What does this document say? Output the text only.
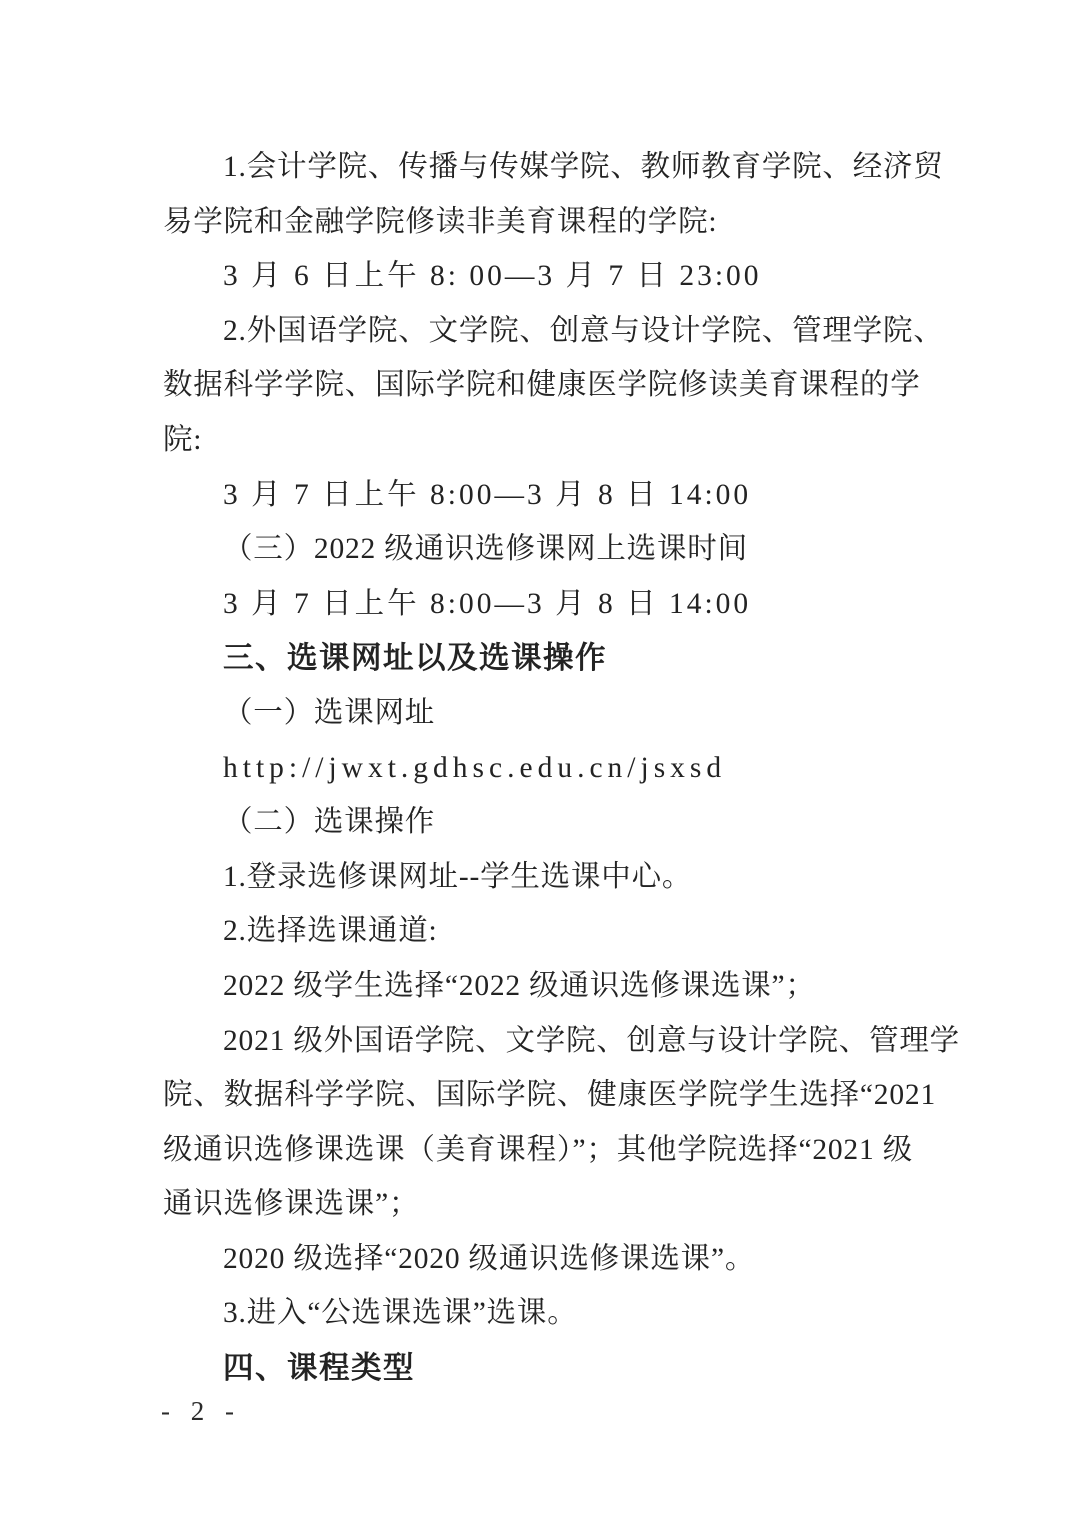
1.会计学院、传播与传媒学院、教师教育学院、经济贸
易学院和金融学院修读非美育课程的学院:
3 月 6 日上午 8: 00—3 月 7 日 23:00
2.外国语学院、文学院、创意与设计学院、管理学院、
数据科学学院、国际学院和健康医学院修读美育课程的学
院:
3 月 7 日上午 8:00—3 月 8 日 14:00
（三）2022 级通识选修课网上选课时间
3 月 7 日上午 8:00—3 月 8 日 14:00
三、选课网址以及选课操作
（一）选课网址
http://jwxt.gdhsc.edu.cn/jsxsd
（二）选课操作
1.登录选修课网址--学生选课中心。
2.选择选课通道:
2022 级学生选择“2022 级通识选修课选课”；
2021 级外国语学院、文学院、创意与设计学院、管理学
院、数据科学学院、国际学院、健康医学院学生选择“2021
级通识选修课选课（美育课程）”；其他学院选择“2021 级
通识选修课选课”；
2020 级选择“2020 级通识选修课选课”。
3.进入“公选课选课”选课。
四、课程类型
- 2 -
